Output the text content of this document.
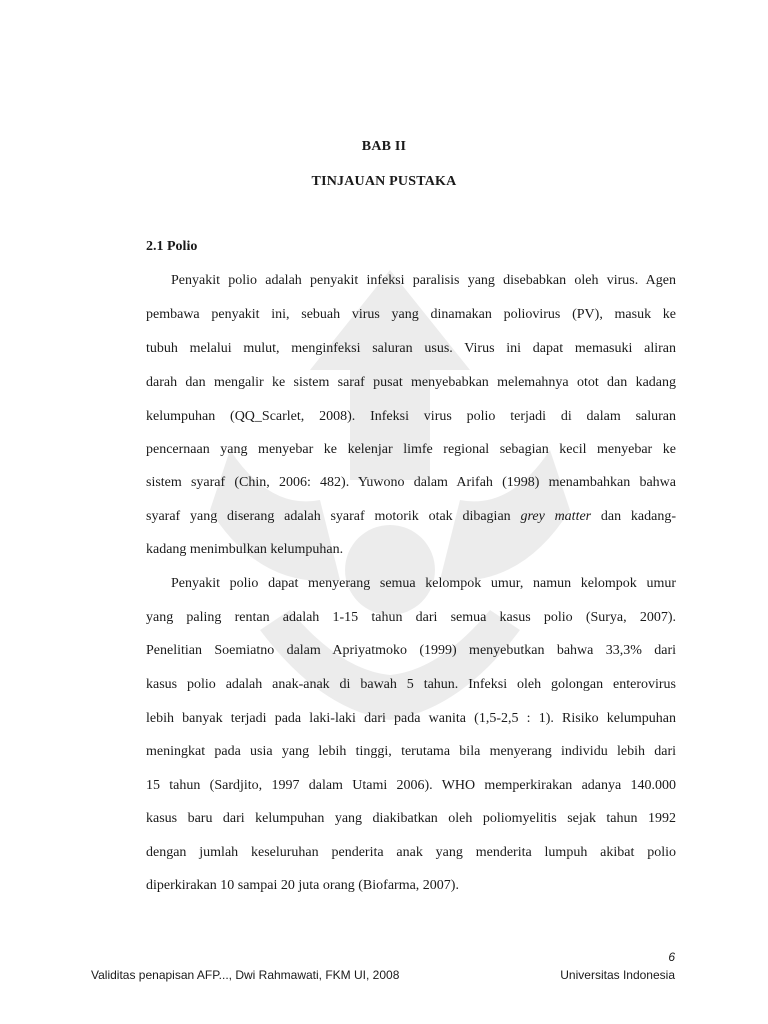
BAB II
TINJAUAN PUSTAKA
2.1 Polio
Penyakit polio adalah penyakit infeksi paralisis yang disebabkan oleh virus. Agen
pembawa penyakit ini, sebuah virus yang dinamakan poliovirus (PV), masuk ke
tubuh melalui mulut, menginfeksi saluran usus. Virus ini dapat memasuki aliran
darah dan mengalir ke sistem saraf pusat menyebabkan melemahnya otot dan kadang
kelumpuhan (QQ_Scarlet, 2008). Infeksi virus polio terjadi di dalam saluran
pencernaan yang menyebar ke kelenjar limfe regional sebagian kecil menyebar ke
sistem syaraf (Chin, 2006: 482). Yuwono dalam Arifah (1998) menambahkan bahwa
syaraf yang diserang adalah syaraf motorik otak dibagian grey matter dan kadang-
kadang menimbulkan kelumpuhan.
Penyakit polio dapat menyerang semua kelompok umur, namun kelompok umur
yang paling rentan adalah 1-15 tahun dari semua kasus polio (Surya, 2007).
Penelitian Soemiatno dalam Apriyatmoko (1999) menyebutkan bahwa 33,3% dari
kasus polio adalah anak-anak di bawah 5 tahun. Infeksi oleh golongan enterovirus
lebih banyak terjadi pada laki-laki dari pada wanita (1,5-2,5 : 1). Risiko kelumpuhan
meningkat pada usia yang lebih tinggi, terutama bila menyerang individu lebih dari
15 tahun (Sardjito, 1997 dalam Utami 2006). WHO memperkirakan adanya 140.000
kasus baru dari kelumpuhan yang diakibatkan oleh poliomyelitis sejak tahun 1992
dengan jumlah keseluruhan penderita anak yang menderita lumpuh akibat polio
diperkirakan 10 sampai 20 juta orang (Biofarma, 2007).
6
Validitas penapisan AFP..., Dwi Rahmawati, FKM UI, 2008	Universitas Indonesia
